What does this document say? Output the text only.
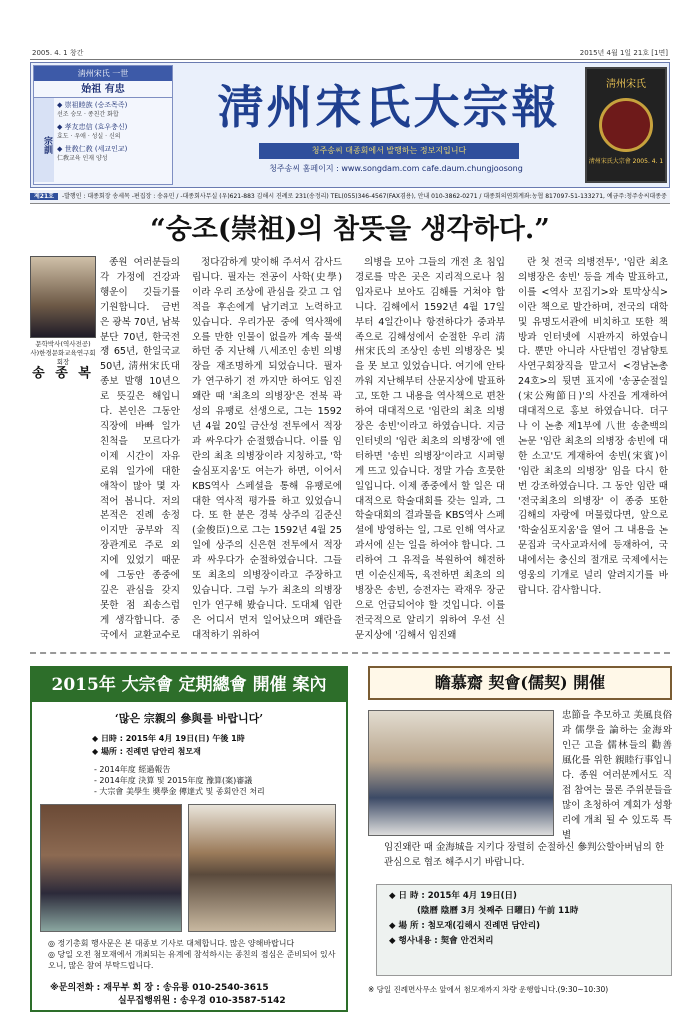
2005. 4. 1 창간	2015년 4월 1일 21호 [1면]
淸州宋氏 一世
始祖 有忠
宗訓
◆ 崇祖睦族 (숭조목족)
선조 숭모 · 종친간 화합
◆ 孝友忠信 (효우충신)
효도 · 우애 · 성실 · 신의
◆ 世敎仁敎 (세교인교)
仁敎교육 인재 양성
淸州宋氏大宗報
청주송씨 대종회에서 발행하는 정보지입니다
청주송씨 홈페이지 : www.songdam.com cafe.daum.chungjoosong
淸州宋氏
淸州宋氏大宗會 2005. 4. 1
제21호 -발행인 : 대종회장 송세목 -편집장 : 송유민 / -대종회사무실 (우)621-883 김해시 진례로 231(송정리) TEL(055)346-4567(FAX겸용), 안내 010-3862-0271 / 대종회의연회계좌:농협 817097-51-133271, 예금주:청주송씨대종중
“숭조(崇祖)의 참뜻을 생각하다.”
문학박사(역사전공) 사)한경문화교육연구회 회장
송 종 복

종원 여러분들의 각 가정에 건강과 행운이 깃들기를 기원합니다. 금번은 광복 70년, 남북 분단 70년, 한국전쟁 65년, 한일국교 50년, 淸州宋氏대종보 발행 10년으로 뜻깊은 해입니다. 본인은 그동안 직장에 바빠 일가친척을 모르다가 이제 시간이 자유로워 일가에 대한 애착이 많아 몇 자 적어 봅니다. 저의 본적은 진례 송정이지만 공부와 직장관계로 주로 외지에 있었기 때문에 그동안 종중에 깊은 관심을 갖지 못한 점 죄송스럽게 생각합니다. 중국에서 교환교수로

정다감하게 맞이해 주셔서 감사드립니다. 필자는 전공이 사학(史學)이라 우리 조상에 관심을 갖고 그 업적을 후손에게 남기려고 노력하고 있습니다. 우리가문 중에 역사책에 오를 만한 인물이 없을까 계속 물색하던 중 지난해 八세조인 송빈 의병장을 재조명하게 되었습니다. 필자가 연구하기 전 까지만 하여도 임진왜란 때 '최초의 의병장'은 전북 곽성의 유팽로 선생으로, 그는 1592년 4월 20일 금산성 전투에서 적장과 싸우다가 순절했습니다. 이를 임란의 최초 의병장이라 지칭하고, '학술심포지움'도 여는가 하면, 이어서 KBS역사 스페셜을 통해 유팽로에 대한 역사적 평가를 하고 있었습니다. 또 한 분은 경북 상주의 김준신(金俊臣)으로 그는 1592년 4월 25일에 상주의 신은현 전투에서 적장과 싸우다가 순절하였습니다. 그들 또 최초의 의병장이라고 주장하고 있습니다. 그럼 누가 최초의 의병장인가 연구해 봤습니다. 도대체 임란은 어디서 먼저 일어났으며 왜란을 대적하기 위하여

의병을 모아 그들의 개전 초 침입경로를 막은 곳은 지리적으로나 침입자로나 보아도 김해를 거쳐야 합니다. 김해에서 1592년 4월 17일부터 4일간이나 항전하다가 중과부족으로 김해성에서 순절한 우리 淸州宋氏의 조상인 송빈 의병장은 빛을 못 보고 있었습니다. 여기에 안타까워 지난해부터 산문지상에 발표하고, 또한 그 내용을 역사책으로 편찬하여 대대적으로 '임란의 최초 의병장은 송빈'이라고 하였습니다. 지금 인터넷의 '임란 최초의 의병장'에 엔터하면 '송빈 의병장'이라고 시퍼렇게 뜨고 있습니다. 정말 가슴 흐뭇한 일입니다. 이제 종중에서 할 일은 대대적으로 학술대회를 갖는 일과, 그 학술대회의 결과물을 KBS역사 스페셜에 방영하는 일, 그로 인해 역사교과서에 싣는 일을 하여야 합니다. 그리하여 그 유적을 복원하여 해전하면 이순신제독, 육전하면 최초의 의병장은 송빈, 승전자는 곽재우 장군으로 언급되어야 할 것입니다. 이를 전국적으로 알리기 위하여 우선 신문지상에 '김해서 임진왜

란 첫 전국 의병전투', '임란 최초 의병장은 송빈' 등을 계속 발표하고, 이를 <역사 꼬집기>와 토막상식>이란 책으로 발간하며, 전국의 대학 및 유명도서관에 비치하고 또한 책방과 인터넷에 시판까지 하였습니다. 뿐만 아니라 사단법인 경남향토사연구회장직을 맡고서 <경남논총24호>의 뒷면 표지에 '송공순절일(宋公殉節日)'의 사진을 게재하여 대대적으로 홍보 하였습니다. 더구나 이 논총 제1부에 八世 송춘백의 논문 '임란 최초의 의병장 송빈에 대한 소고'도 게재하여 송빈(宋賓)이 '임란 최초의 의병장' 임을 다시 한 번 강조하였습니다. 그 동안 임란 때 '전국최초의 의병장' 이 종중 또한 김해의 자랑에 머물렀다면, 앞으로 '학술심포지움'을 열어 그 내용을 논문집과 국사교과서에 등재하여, 국내에서는 충신의 절개로 국제에서는 영웅의 기개로 널리 알려지기를 바랍니다. 감사합니다.

2015年 大宗會 定期總會 開催 案內
‘많은 宗親의 參與를 바랍니다’
◆ 日時 : 2015年 4月 19日(日) 午後 1時
◆ 場所 : 진례면 담안리 첨모재
- 2014年度 經過報告
- 2014年度 決算 및 2015年度 豫算(案)審議
- 大宗會 美學生 奬學金 傳達式 및 종회안건 처리
◎ 정기총회 행사문은 본 대종보 기사로 대체합니다. 많은 양해바랍니다
◎ 당일 오전 첨모재에서 개최되는 유계에 참석하시는 종친의 점심은 준비되어 있사오니, 많은 참여 부탁드립니다.
※문의전화 : 재무부 회 장 : 송유룡 010-2540-3615
실무집행위원 : 송우경 010-3587-5142
瞻慕齋 契會(儒契) 開催
忠節을 추모하고 美風良俗과 儒學을 論하는 金海와 인근 고을 儒林들의 勸善風化를 위한 親睦行事입니다. 종원 여러분께서도 직접 참여는 물론 주위분들을 많이 초청하여 계회가 성황리에 개최 될 수 있도록 특별
임진왜란 때 金海城을 지키다 장렬히 순절하신 參判公할아버님의 한 관심으로 협조 해주시기 바랍니다.
◆ 日 時 : 2015年 4月 19日(日)
(陰曆 陰曆 3月 첫째주 日曜日) 午前 11時
◆ 場 所 : 첨모재(김해시 진례면 담안리)
◆ 행사내용 : 契會 안건처리
※ 당일 진례면사무소 앞에서 첨모재까지 차량 운행합니다.(9:30~10:30)
